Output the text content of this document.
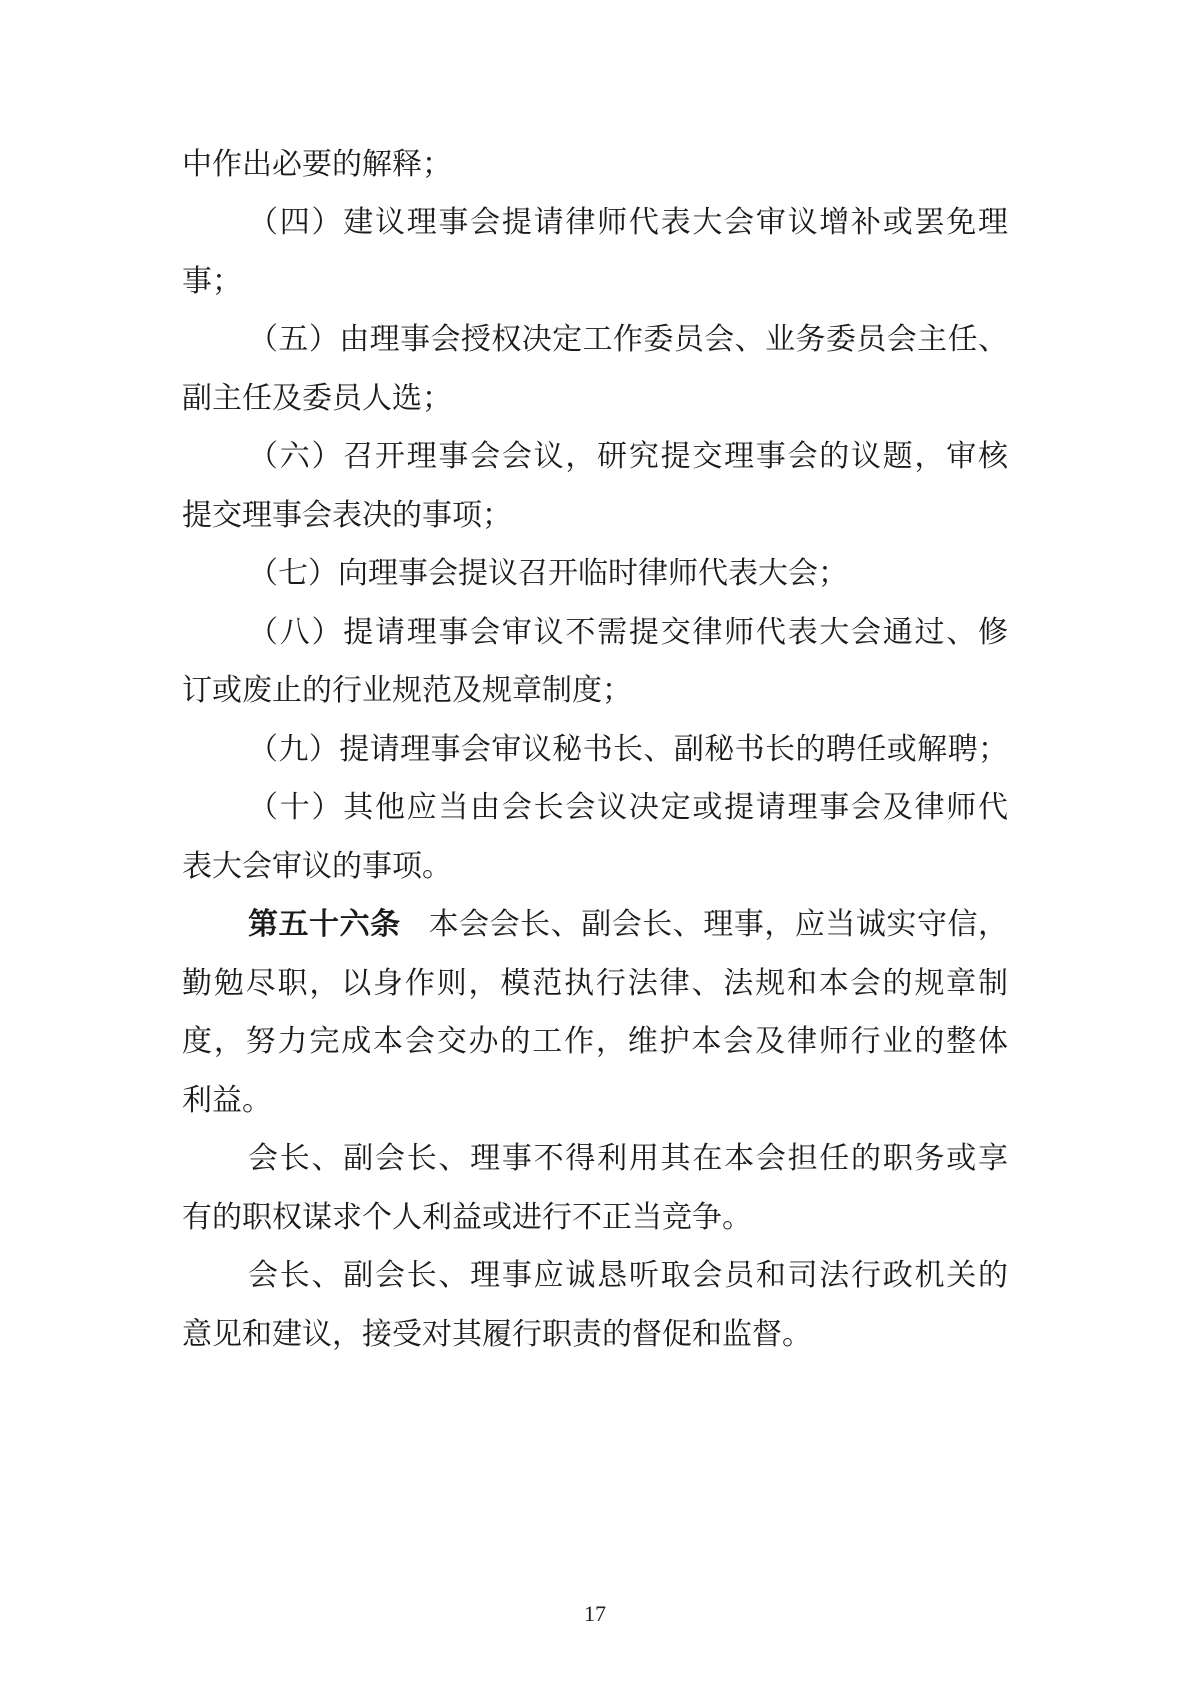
中作出必要的解释；
（四）建议理事会提请律师代表大会审议增补或罢免理
事；
（五）由理事会授权决定工作委员会、业务委员会主任、
副主任及委员人选；
（六）召开理事会会议，研究提交理事会的议题，审核
提交理事会表决的事项；
（七）向理事会提议召开临时律师代表大会；
（八）提请理事会审议不需提交律师代表大会通过、修
订或废止的行业规范及规章制度；
（九）提请理事会审议秘书长、副秘书长的聘任或解聘；
（十）其他应当由会长会议决定或提请理事会及律师代
表大会审议的事项。
第五十六条 本会会长、副会长、理事，应当诚实守信，
勤勉尽职，以身作则，模范执行法律、法规和本会的规章制
度，努力完成本会交办的工作，维护本会及律师行业的整体
利益。
会长、副会长、理事不得利用其在本会担任的职务或享
有的职权谋求个人利益或进行不正当竞争。
会长、副会长、理事应诚恳听取会员和司法行政机关的
意见和建议，接受对其履行职责的督促和监督。
17
